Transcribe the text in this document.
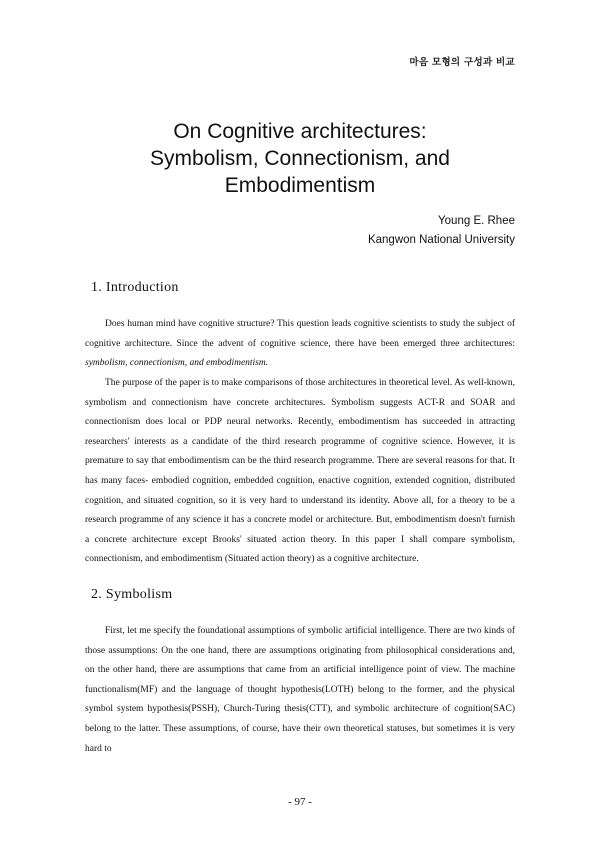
마음 모형의 구성과 비교
On Cognitive architectures:
Symbolism, Connectionism, and
Embodimentism
Young E. Rhee
Kangwon National University
1. Introduction

Does human mind have cognitive structure? This question leads cognitive scientists to study the subject of cognitive architecture. Since the advent of cognitive science, there have been emerged three architectures: symbolism, connectionism, and embodimentism.

The purpose of the paper is to make comparisons of those architectures in theoretical level. As well-known, symbolism and connectionism have concrete architectures. Symbolism suggests ACT-R and SOAR and connectionism does local or PDP neural networks. Recently, embodimentism has succeeded in attracting researchers' interests as a candidate of the third research programme of cognitive science. However, it is premature to say that embodimentism can be the third research programme. There are several reasons for that. It has many faces- embodied cognition, embedded cognition, enactive cognition, extended cognition, distributed cognition, and situated cognition, so it is very hard to understand its identity. Above all, for a theory to be a research programme of any science it has a concrete model or architecture. But, embodimentism doesn't furnish a concrete architecture except Brooks' situated action theory. In this paper I shall compare symbolism, connectionism, and embodimentism (Situated action theory) as a cognitive architecture.

2. Symbolism

First, let me specify the foundational assumptions of symbolic artificial intelligence. There are two kinds of those assumptions: On the one hand, there are assumptions originating from philosophical considerations and, on the other hand, there are assumptions that came from an artificial intelligence point of view. The machine functionalism(MF) and the language of thought hypothesis(LOTH) belong to the former, and the physical symbol system hypothesis(PSSH), Church-Turing thesis(CTT), and symbolic architecture of cognition(SAC) belong to the latter. These assumptions, of course, have their own theoretical statuses, but sometimes it is very hard to

- 97 -
